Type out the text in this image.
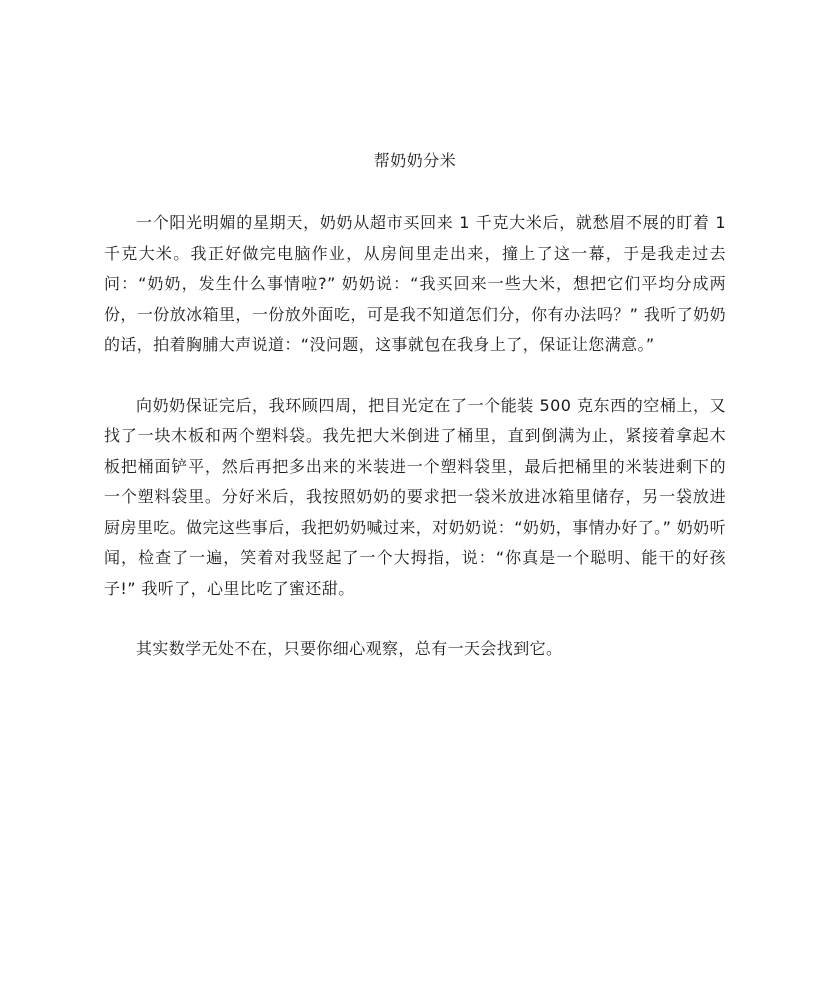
帮奶奶分米

一个阳光明媚的星期天，奶奶从超市买回来 1 千克大米后，就愁眉不展的盯着 1 千克大米。我正好做完电脑作业，从房间里走出来，撞上了这一幕，于是我走过去问：“奶奶，发生什么事情啦?” 奶奶说：“我买回来一些大米，想把它们平均分成两份，一份放冰箱里，一份放外面吃，可是我不知道怎们分，你有办法吗？” 我听了奶奶的话，拍着胸脯大声说道：“没问题，这事就包在我身上了，保证让您满意。”

向奶奶保证完后，我环顾四周，把目光定在了一个能装 500 克东西的空桶上，又找了一块木板和两个塑料袋。我先把大米倒进了桶里，直到倒满为止，紧接着拿起木板把桶面铲平，然后再把多出来的米装进一个塑料袋里，最后把桶里的米装进剩下的一个塑料袋里。分好米后，我按照奶奶的要求把一袋米放进冰箱里储存，另一袋放进厨房里吃。做完这些事后，我把奶奶喊过来，对奶奶说：“奶奶，事情办好了。” 奶奶听闻，检查了一遍，笑着对我竖起了一个大拇指，说：“你真是一个聪明、能干的好孩子!” 我听了，心里比吃了蜜还甜。

其实数学无处不在，只要你细心观察，总有一天会找到它。
